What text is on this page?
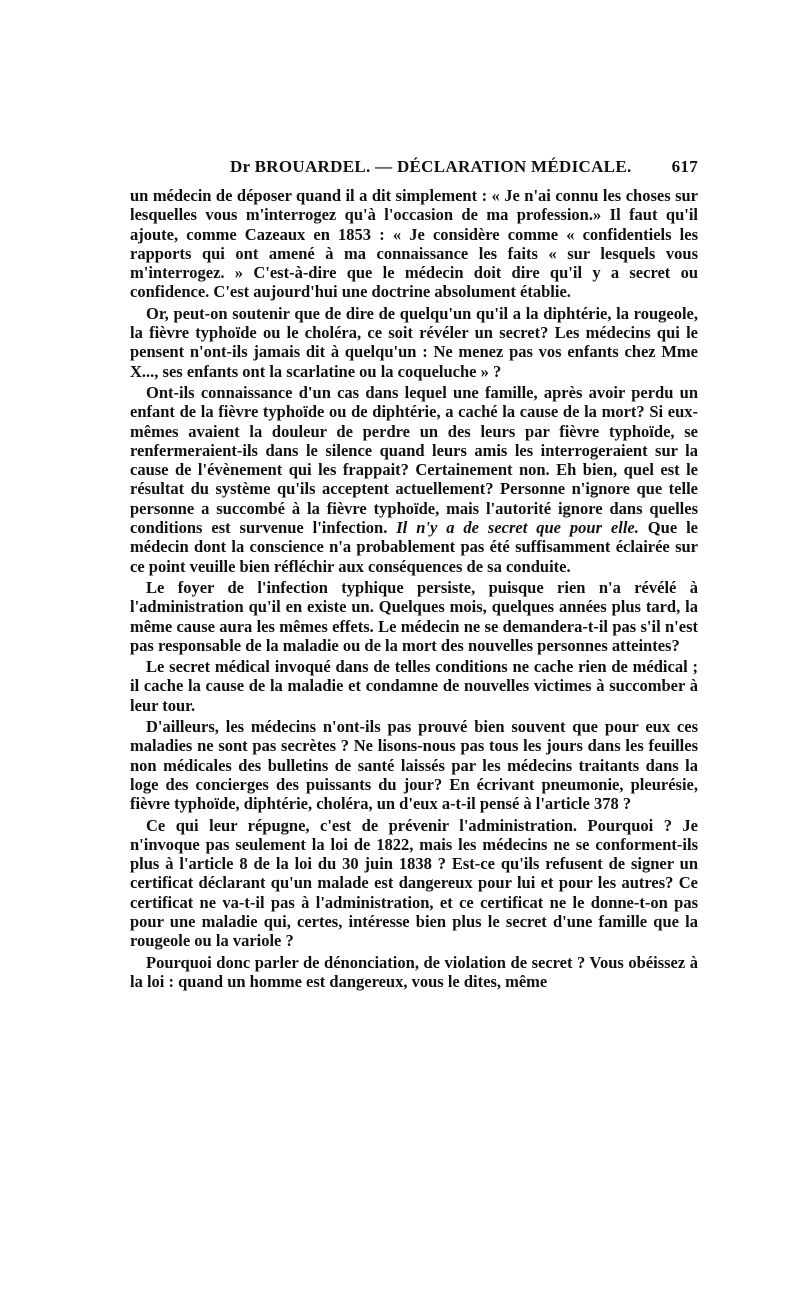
Dr BROUARDEL. — DÉCLARATION MÉDICALE. 617

un médecin de déposer quand il a dit simplement : « Je n'ai connu les choses sur lesquelles vous m'interrogez qu'à l'occasion de ma profession.» Il faut qu'il ajoute, comme Cazeaux en 1853 : « Je considère comme « confidentiels les rapports qui ont amené à ma connaissance les faits « sur lesquels vous m'interrogez. » C'est-à-dire que le médecin doit dire qu'il y a secret ou confidence. C'est aujourd'hui une doctrine absolument établie.

Or, peut-on soutenir que de dire de quelqu'un qu'il a la diphtérie, la rougeole, la fièvre typhoïde ou le choléra, ce soit révéler un secret? Les médecins qui le pensent n'ont-ils jamais dit à quelqu'un : Ne menez pas vos enfants chez Mme X..., ses enfants ont la scarlatine ou la coqueluche » ?

Ont-ils connaissance d'un cas dans lequel une famille, après avoir perdu un enfant de la fièvre typhoïde ou de diphtérie, a caché la cause de la mort? Si eux-mêmes avaient la douleur de perdre un des leurs par fièvre typhoïde, se renfermeraient-ils dans le silence quand leurs amis les interrogeraient sur la cause de l'évènement qui les frappait? Certainement non. Eh bien, quel est le résultat du système qu'ils acceptent actuellement? Personne n'ignore que telle personne a succombé à la fièvre typhoïde, mais l'autorité ignore dans quelles conditions est survenue l'infection. Il n'y a de secret que pour elle. Que le médecin dont la conscience n'a probablement pas été suffisamment éclairée sur ce point veuille bien réfléchir aux conséquences de sa conduite.

Le foyer de l'infection typhique persiste, puisque rien n'a révélé à l'administration qu'il en existe un. Quelques mois, quelques années plus tard, la même cause aura les mêmes effets. Le médecin ne se demandera-t-il pas s'il n'est pas responsable de la maladie ou de la mort des nouvelles personnes atteintes?

Le secret médical invoqué dans de telles conditions ne cache rien de médical ; il cache la cause de la maladie et condamne de nouvelles victimes à succomber à leur tour.

D'ailleurs, les médecins n'ont-ils pas prouvé bien souvent que pour eux ces maladies ne sont pas secrètes ? Ne lisons-nous pas tous les jours dans les feuilles non médicales des bulletins de santé laissés par les médecins traitants dans la loge des concierges des puissants du jour? En écrivant pneumonie, pleurésie, fièvre typhoïde, diphtérie, choléra, un d'eux a-t-il pensé à l'article 378 ?

Ce qui leur répugne, c'est de prévenir l'administration. Pourquoi ? Je n'invoque pas seulement la loi de 1822, mais les médecins ne se conforment-ils plus à l'article 8 de la loi du 30 juin 1838 ? Est-ce qu'ils refusent de signer un certificat déclarant qu'un malade est dangereux pour lui et pour les autres? Ce certificat ne va-t-il pas à l'administration, et ce certificat ne le donne-t-on pas pour une maladie qui, certes, intéresse bien plus le secret d'une famille que la rougeole ou la variole ?

Pourquoi donc parler de dénonciation, de violation de secret ? Vous obéissez à la loi : quand un homme est dangereux, vous le dites, même
